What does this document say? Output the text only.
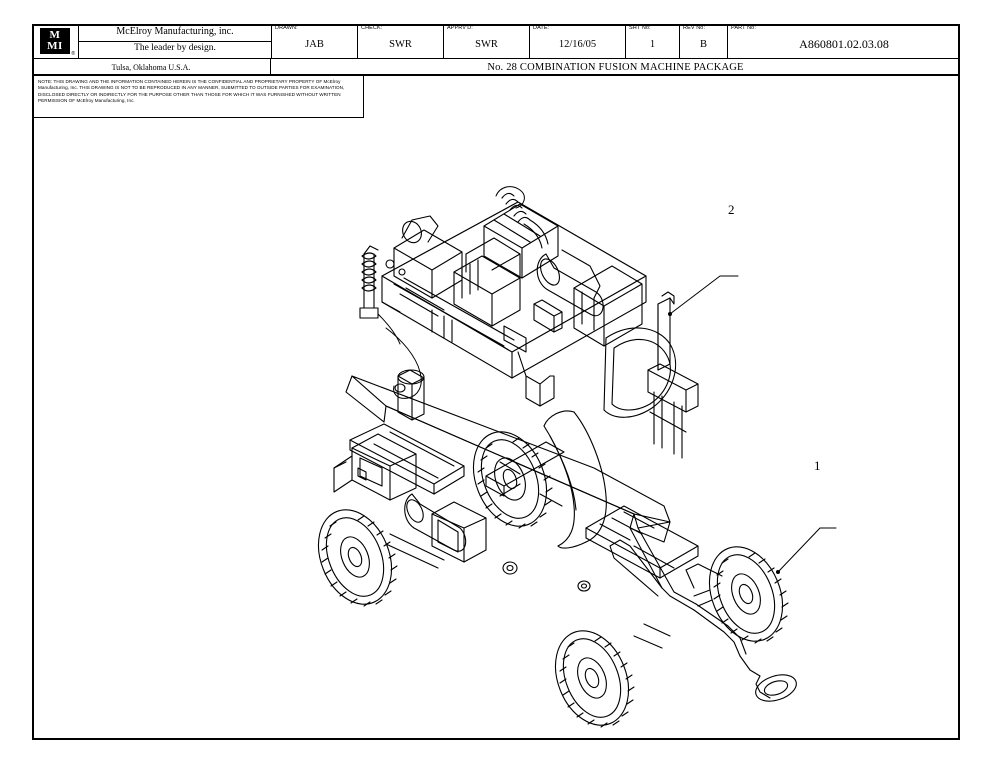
M
MI
®
McElroy Manufacturing, inc.
The leader by design.
DRAWN:
JAB
CHECK:
SWR
APPRV'D:
SWR
DATE:
12/16/05
SHT No:
1
REV No:
B
PART No:
A860801.02.03.08
Tulsa, Oklahoma U.S.A.	No. 28 COMBINATION FUSION MACHINE PACKAGE
NOTE: THIS DRAWING AND THE INFORMATION CONTAINED HEREIN IS THE CONFIDENTIAL AND PROPRIETARY PROPERTY OF McElroy Manufacturing, Inc. THIS DRAWING IS NOT TO BE REPRODUCED IN ANY MANNER, SUBMITTED TO OUTSIDE PARTIES FOR EXAMINATION, DISCLOSED DIRECTLY OR INDIRECTLY FOR THE PURPOSE OTHER THAN THOSE FOR WHICH IT WAS FURNISHED WITHOUT WRITTEN PERMISSION OF McElroy Manufacturing, Inc.
2
1
